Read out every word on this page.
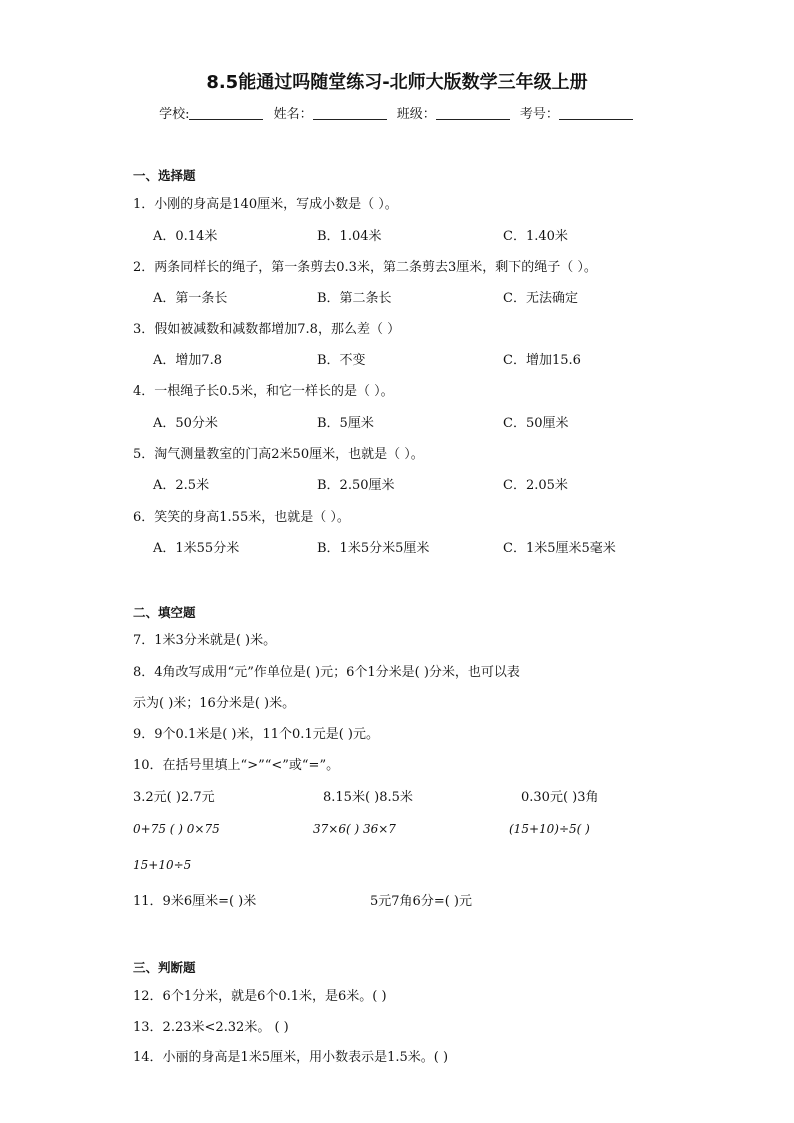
8.5能通过吗随堂练习-北师大版数学三年级上册
学校:	姓名：	班级：	考号：
一、选择题
1．小刚的身高是140厘米，写成小数是（ ）。
A．0.14米	B．1.04米	C．1.40米
2．两条同样长的绳子，第一条剪去0.3米，第二条剪去3厘米，剩下的绳子（ ）。
A．第一条长	B．第二条长	C．无法确定
3．假如被减数和减数都增加7.8，那么差（ ）
A．增加7.8	B．不变	C．增加15.6
4．一根绳子长0.5米，和它一样长的是（ ）。
A．50分米	B．5厘米	C．50厘米
5．淘气测量教室的门高2米50厘米，也就是（ ）。
A．2.5米	B．2.50厘米	C．2.05米
6．笑笑的身高1.55米，也就是（ ）。
A．1米55分米	B．1米5分米5厘米	C．1米5厘米5毫米
二、填空题
7．1米3分米就是( )米。
8．4角改写成用“元”作单位是( )元；6个1分米是( )分米，也可以表
示为( )米；16分米是( )米。
9．9个0.1米是( )米，11个0.1元是( )元。
10．在括号里填上“>”“<”或“=”。
3.2元( )2.7元	8.15米( )8.5米	0.30元( )3角
0+75 ( ) 0×75	37×6( ) 36×7	(15+10)÷5( )
15+10÷5
11．9米6厘米=( )米	5元7角6分=( )元
三、判断题
12．6个1分米，就是6个0.1米，是6米。( )
13．2.23米<2.32米。 ( )
14．小丽的身高是1米5厘米，用小数表示是1.5米。( )
